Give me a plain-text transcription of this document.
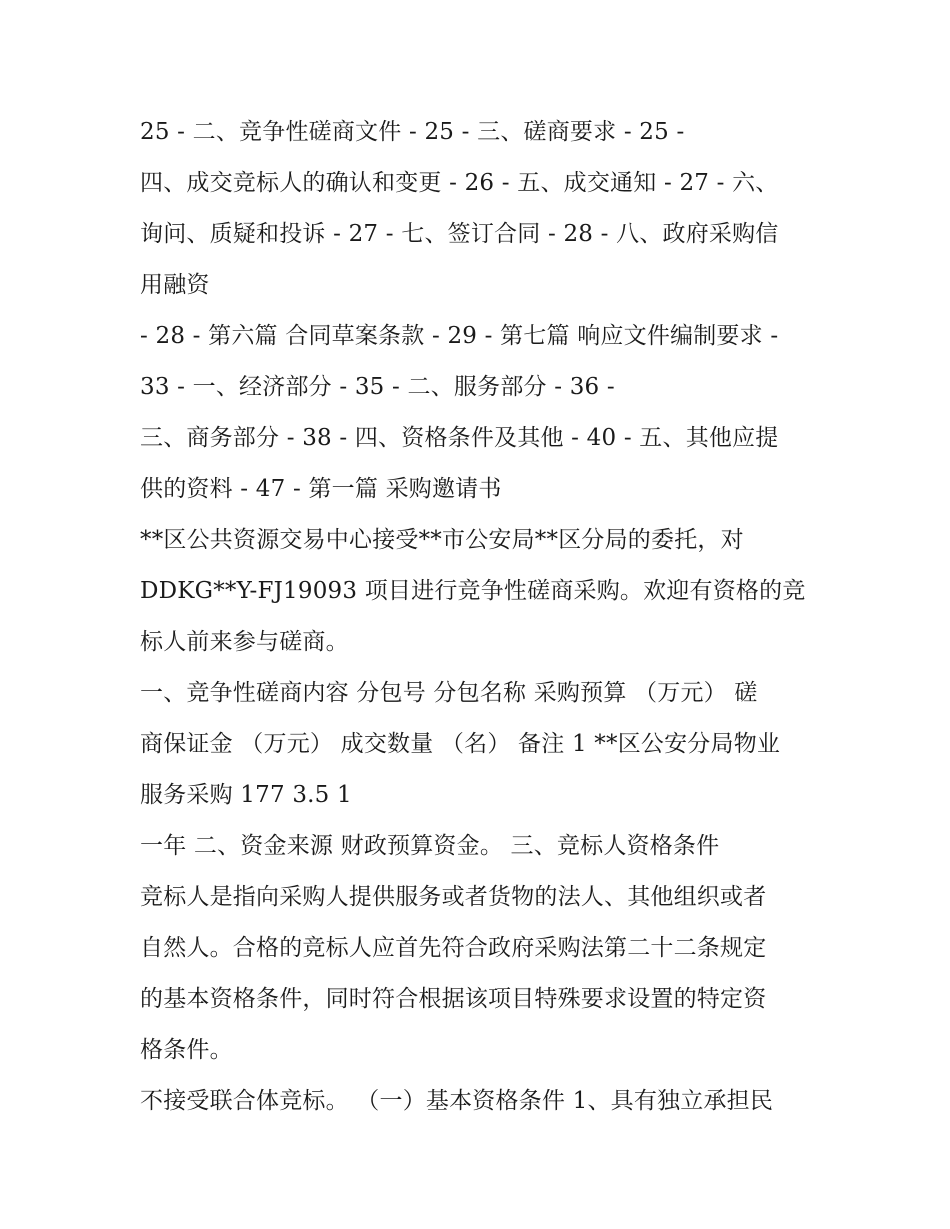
25 - 二、竞争性磋商文件 - 25 - 三、磋商要求 - 25 -
四、成交竞标人的确认和变更 - 26 - 五、成交通知 - 27 - 六、
询问、质疑和投诉 - 27 - 七、签订合同 - 28 - 八、政府采购信
用融资
- 28 - 第六篇 合同草案条款 - 29 - 第七篇 响应文件编制要求 -
33 - 一、经济部分 - 35 - 二、服务部分 - 36 -
三、商务部分 - 38 - 四、资格条件及其他 - 40 - 五、其他应提
供的资料 - 47 - 第一篇 采购邀请书
**区公共资源交易中心接受**市公安局**区分局的委托，对
DDKG**Y-FJ19093 项目进行竞争性磋商采购。欢迎有资格的竞
标人前来参与磋商。
一、竞争性磋商内容 分包号 分包名称 采购预算 （万元） 磋
商保证金 （万元） 成交数量 （名） 备注 1 **区公安分局物业
服务采购 177 3.5 1
一年 二、资金来源 财政预算资金。 三、竞标人资格条件
竞标人是指向采购人提供服务或者货物的法人、其他组织或者
自然人。合格的竞标人应首先符合政府采购法第二十二条规定
的基本资格条件，同时符合根据该项目特殊要求设置的特定资
格条件。
不接受联合体竞标。 （一）基本资格条件 1、具有独立承担民
